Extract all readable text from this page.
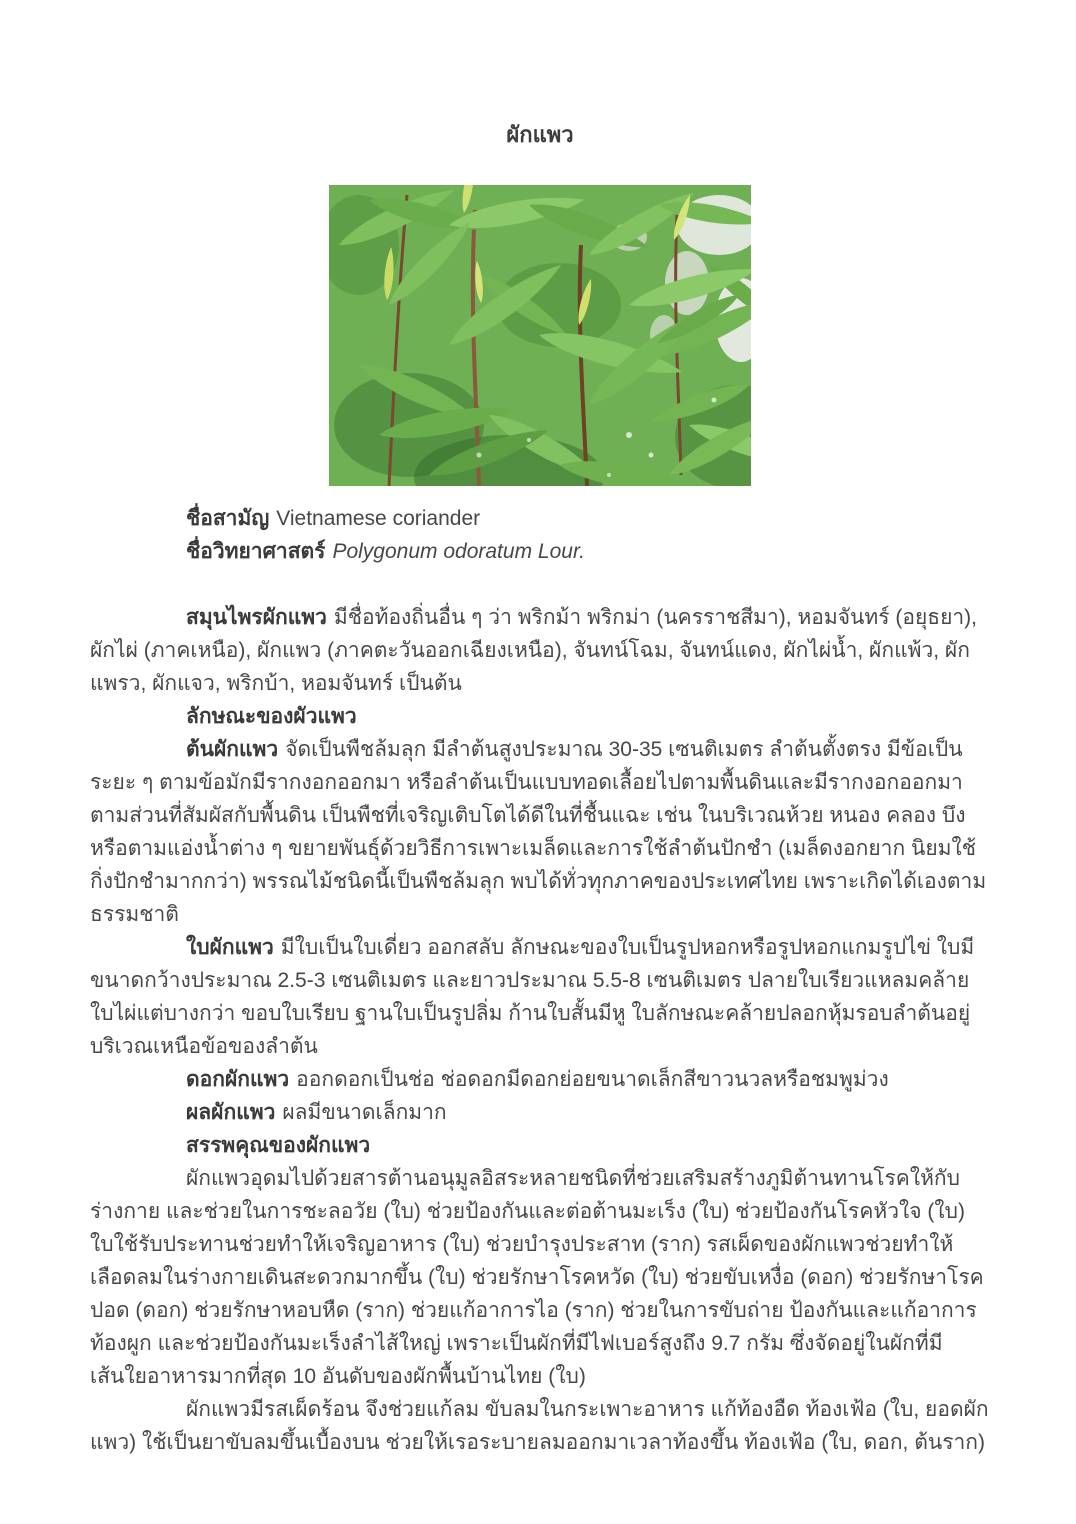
ผักแพว

ชื่อสามัญ Vietnamese coriander

ชื่อวิทยาศาสตร์ Polygonum odoratum Lour.

สมุนไพรผักแพว มีชื่อท้องถิ่นอื่น ๆ ว่า พริกม้า พริกม่า (นครราชสีมา), หอมจันทร์ (อยุธยา), ผักไผ่ (ภาคเหนือ), ผักแพว (ภาคตะวันออกเฉียงเหนือ), จันทน์โฉม, จันทน์แดง, ผักไผ่น้ำ, ผักแพ้ว, ผักแพรว, ผักแจว, พริกบ้า, หอมจันทร์ เป็นต้น

ลักษณะของผัวแพว

ต้นผักแพว จัดเป็นพืชล้มลุก มีลำต้นสูงประมาณ 30-35 เซนติเมตร ลำต้นตั้งตรง มีข้อเป็นระยะ ๆ ตามข้อมักมีรากงอกออกมา หรือลำต้นเป็นแบบทอดเลื้อยไปตามพื้นดินและมีรากงอกออกมาตามส่วนที่สัมผัสกับพื้นดิน เป็นพืชที่เจริญเติบโตได้ดีในที่ชื้นแฉะ เช่น ในบริเวณห้วย หนอง คลอง บึง หรือตามแอ่งน้ำต่าง ๆ ขยายพันธุ์ด้วยวิธีการเพาะเมล็ดและการใช้ลำต้นปักชำ (เมล็ดงอกยาก นิยมใช้กิ่งปักชำมากกว่า) พรรณไม้ชนิดนี้เป็นพืชล้มลุก พบได้ทั่วทุกภาคของประเทศไทย เพราะเกิดได้เองตามธรรมชาติ

ใบผักแพว มีใบเป็นใบเดี่ยว ออกสลับ ลักษณะของใบเป็นรูปหอกหรือรูปหอกแกมรูปไข่ ใบมีขนาดกว้างประมาณ 2.5-3 เซนติเมตร และยาวประมาณ 5.5-8 เซนติเมตร ปลายใบเรียวแหลมคล้ายใบไผ่แต่บางกว่า ขอบใบเรียบ ฐานใบเป็นรูปลิ่ม ก้านใบสั้นมีหู ใบลักษณะคล้ายปลอกหุ้มรอบลำต้นอยู่บริเวณเหนือข้อของลำต้น

ดอกผักแพว ออกดอกเป็นช่อ ช่อดอกมีดอกย่อยขนาดเล็กสีขาวนวลหรือชมพูม่วง

ผลผักแพว ผลมีขนาดเล็กมาก

สรรพคุณของผักแพว

ผักแพวอุดมไปด้วยสารต้านอนุมูลอิสระหลายชนิดที่ช่วยเสริมสร้างภูมิต้านทานโรคให้กับร่างกาย และช่วยในการชะลอวัย (ใบ) ช่วยป้องกันและต่อต้านมะเร็ง (ใบ) ช่วยป้องกันโรคหัวใจ (ใบ) ใบใช้รับประทานช่วยทำให้เจริญอาหาร (ใบ) ช่วยบำรุงประสาท (ราก) รสเผ็ดของผักแพวช่วยทำให้เลือดลมในร่างกายเดินสะดวกมากขึ้น (ใบ) ช่วยรักษาโรคหวัด (ใบ) ช่วยขับเหงื่อ (ดอก) ช่วยรักษาโรคปอด (ดอก) ช่วยรักษาหอบหืด (ราก) ช่วยแก้อาการไอ (ราก) ช่วยในการขับถ่าย ป้องกันและแก้อาการท้องผูก และช่วยป้องกันมะเร็งลำไส้ใหญ่ เพราะเป็นผักที่มีไฟเบอร์สูงถึง 9.7 กรัม ซึ่งจัดอยู่ในผักที่มีเส้นใยอาหารมากที่สุด 10 อันดับของผักพื้นบ้านไทย (ใบ)

ผักแพวมีรสเผ็ดร้อน จึงช่วยแก้ลม ขับลมในกระเพาะอาหาร แก้ท้องอืด ท้องเฟ้อ (ใบ, ยอดผักแพว) ใช้เป็นยาขับลมขึ้นเบื้องบน ช่วยให้เรอระบายลมออกมาเวลาท้องขึ้น ท้องเฟ้อ (ใบ, ดอก, ต้นราก)
